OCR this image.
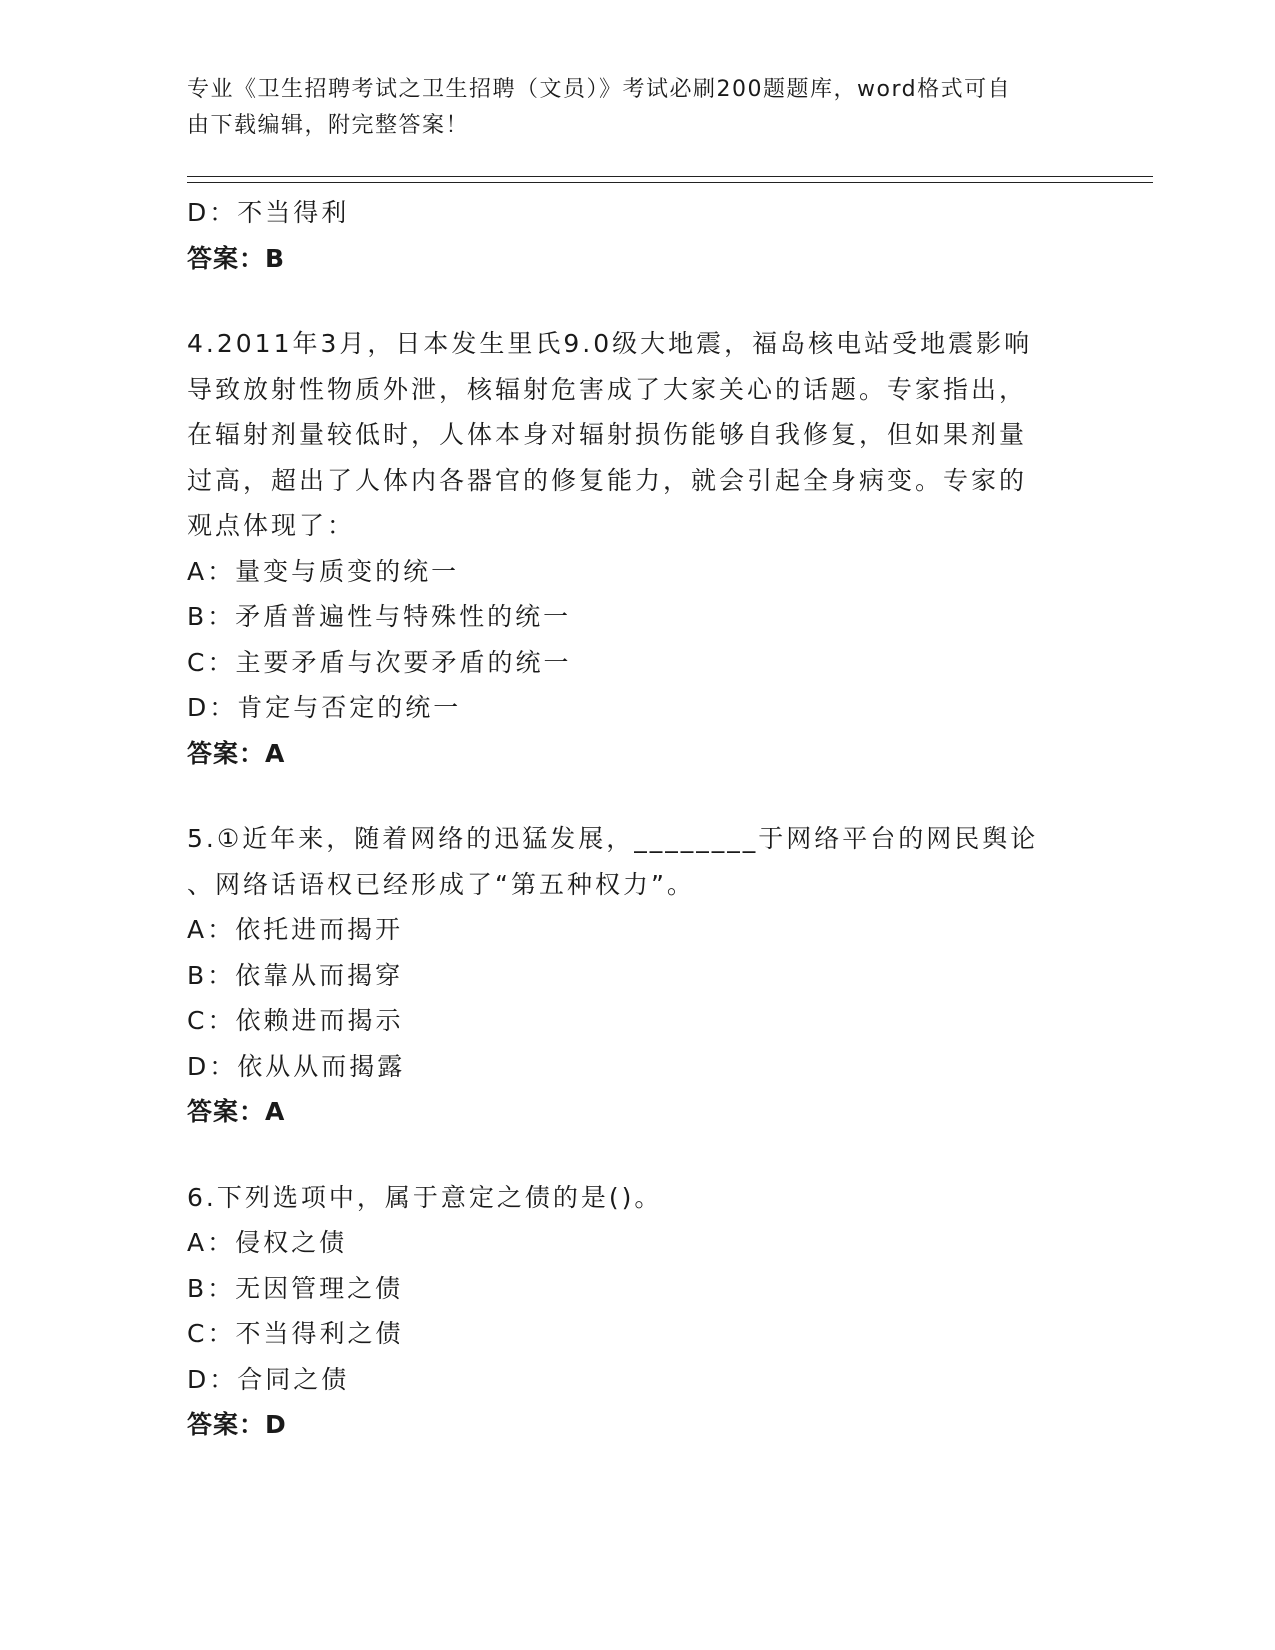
专业《卫生招聘考试之卫生招聘（文员）》考试必刷200题题库，word格式可自
由下载编辑，附完整答案！
D：不当得利
答案：B
4.2011年3月，日本发生里氏9.0级大地震，福岛核电站受地震影响
导致放射性物质外泄，核辐射危害成了大家关心的话题。专家指出，
在辐射剂量较低时，人体本身对辐射损伤能够自我修复，但如果剂量
过高，超出了人体内各器官的修复能力，就会引起全身病变。专家的
观点体现了：
A：量变与质变的统一
B：矛盾普遍性与特殊性的统一
C：主要矛盾与次要矛盾的统一
D：肯定与否定的统一
答案：A
5.①近年来，随着网络的迅猛发展，________于网络平台的网民舆论
、网络话语权已经形成了“第五种权力”。
A：依托进而揭开
B：依靠从而揭穿
C：依赖进而揭示
D：依从从而揭露
答案：A
6.下列选项中，属于意定之债的是()。
A：侵权之债
B：无因管理之债
C：不当得利之债
D：合同之债
答案：D
